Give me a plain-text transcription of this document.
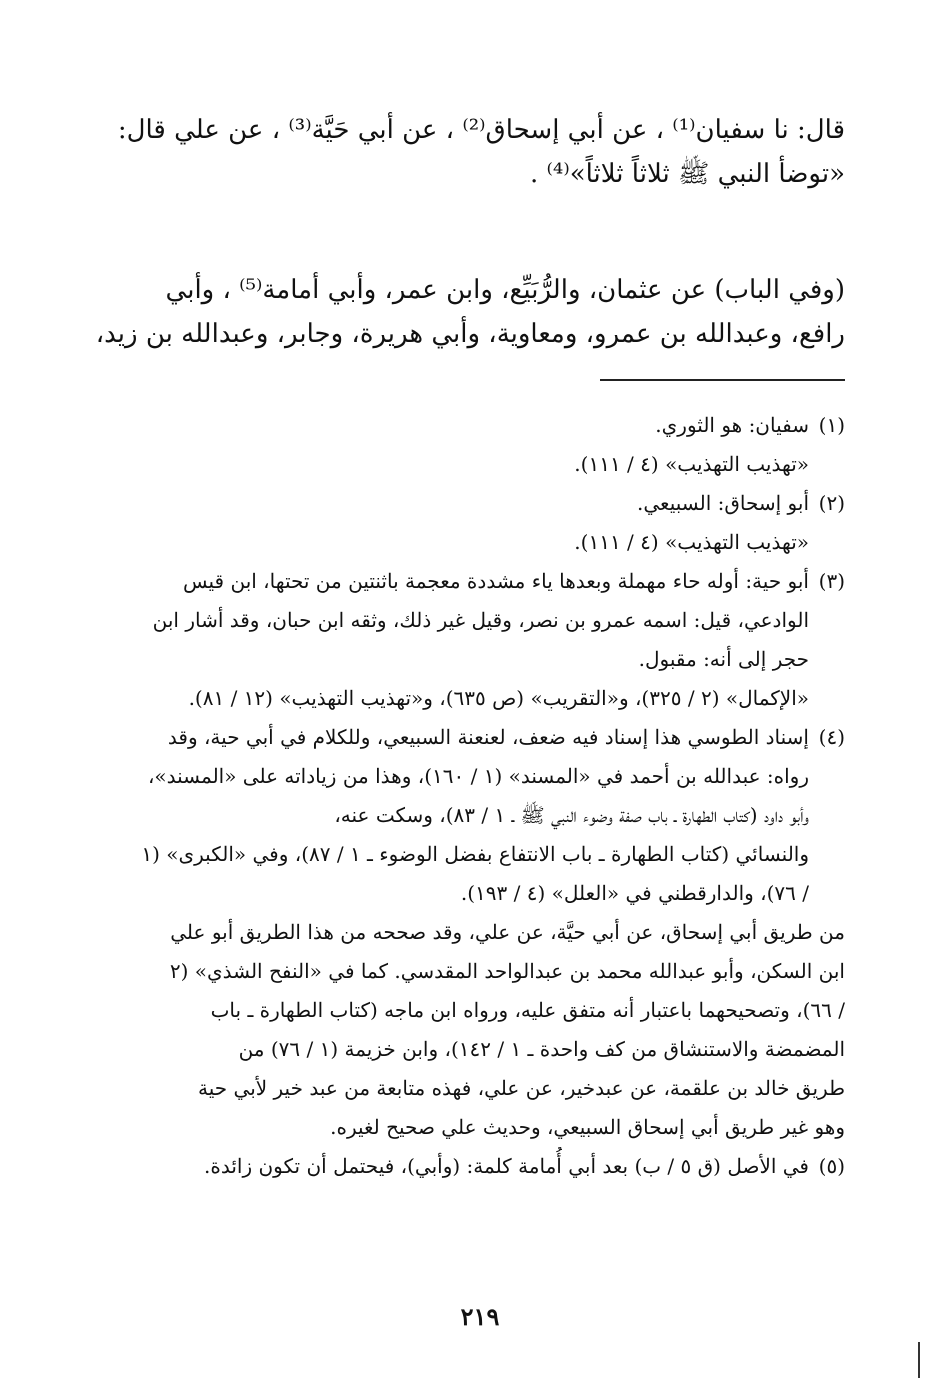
قال: نا سفيان⁽¹⁾ ، عن أبي إسحاق⁽²⁾ ، عن أبي حَيَّة⁽³⁾ ، عن علي قال:
«توضأ النبي ﷺ ثلاثاً ثلاثاً»⁽⁴⁾ .

(وفي الباب) عن عثمان، والرُّبَيِّع، وابن عمر، وأبي أمامة⁽⁵⁾ ، وأبي
رافع، وعبدالله بن عمرو، ومعاوية، وأبي هريرة، وجابر، وعبدالله بن زيد،

(١)
سفيان: هو الثوري.
«تهذيب التهذيب» (٤ / ١١١).
(٢)
أبو إسحاق: السبيعي.
«تهذيب التهذيب» (٤ / ١١١).
(٣)
أبو حية: أوله حاء مهملة وبعدها ياء مشددة معجمة باثنتين من تحتها، ابن قيس
الوادعي، قيل: اسمه عمرو بن نصر، وقيل غير ذلك، وثقه ابن حبان، وقد أشار ابن
حجر إلى أنه: مقبول.
«الإكمال» (٢ / ٣٢٥)، و«التقريب» (ص ٦٣٥)، و«تهذيب التهذيب» (١٢ / ٨١).
(٤)
إسناد الطوسي هذا إسناد فيه ضعف، لعنعنة السبيعي، وللكلام في أبي حية، وقد
رواه: عبدالله بن أحمد في «المسند» (١ / ١٦٠)، وهذا من زياداته على «المسند»،
وأبو داود (كتاب الطهارة ـ باب صفة وضوء النبي ﷺ ـ ١ / ٨٣)، وسكت عنه،
والنسائي (كتاب الطهارة ـ باب الانتفاع بفضل الوضوء ـ ١ / ٨٧)، وفي «الكبرى» (١
/ ٧٦)، والدارقطني في «العلل» (٤ / ١٩٣).
من طريق أبي إسحاق، عن أبي حيَّة، عن علي، وقد صححه من هذا الطريق أبو علي
ابن السكن، وأبو عبدالله محمد بن عبدالواحد المقدسي. كما في «النفح الشذي» (٢
/ ٦٦)، وتصحيحهما باعتبار أنه متفق عليه، ورواه ابن ماجه (كتاب الطهارة ـ باب
المضمضة والاستنشاق من كف واحدة ـ ١ / ١٤٢)، وابن خزيمة (١ / ٧٦) من
طريق خالد بن علقمة، عن عبدخير، عن علي، فهذه متابعة من عبد خير لأبي حية
وهو غير طريق أبي إسحاق السبيعي، وحديث علي صحيح لغيره.
(٥)
في الأصل (ق ٥ / ب) بعد أبي أُمامة كلمة: (وأبي)، فيحتمل أن تكون زائدة.
٢١٩
